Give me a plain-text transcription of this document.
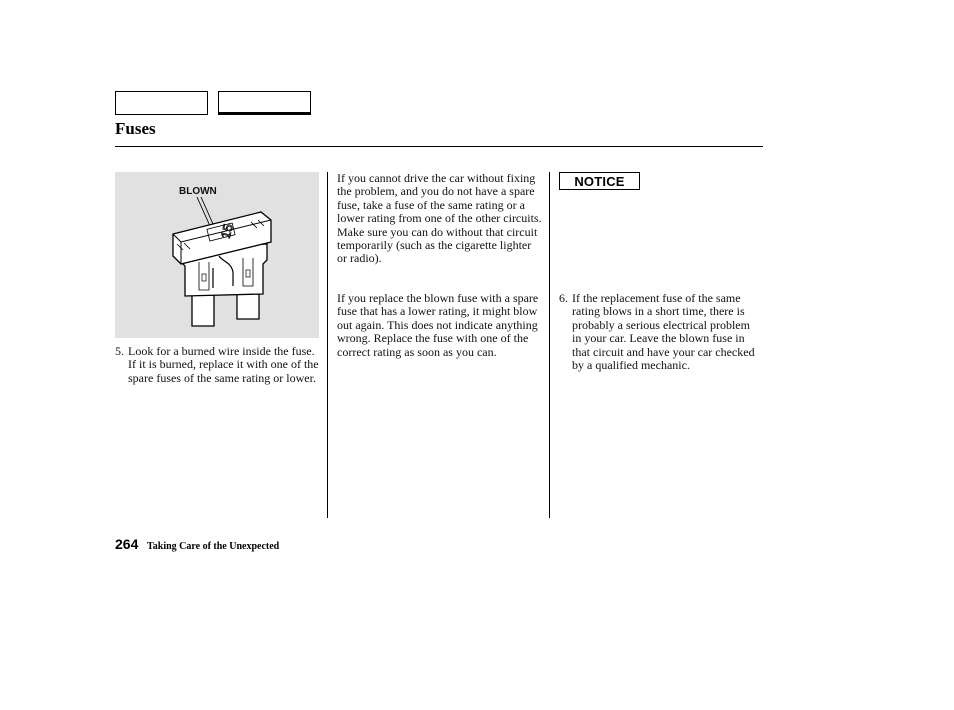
Fuses
BLOWN
15
5. Look for a burned wire inside the fuse. If it is burned, replace it with one of the spare fuses of the same rating or lower.

If you cannot drive the car without fixing the problem, and you do not have a spare fuse, take a fuse of the same rating or a lower rating from one of the other circuits. Make sure you can do without that circuit temporarily (such as the cigarette lighter or radio).

If you replace the blown fuse with a spare fuse that has a lower rating, it might blow out again. This does not indicate anything wrong. Replace the fuse with one of the correct rating as soon as you can.

NOTICE
6. If the replacement fuse of the same rating blows in a short time, there is probably a serious electrical problem in your car. Leave the blown fuse in that circuit and have your car checked by a qualified mechanic.
264 Taking Care of the Unexpected
